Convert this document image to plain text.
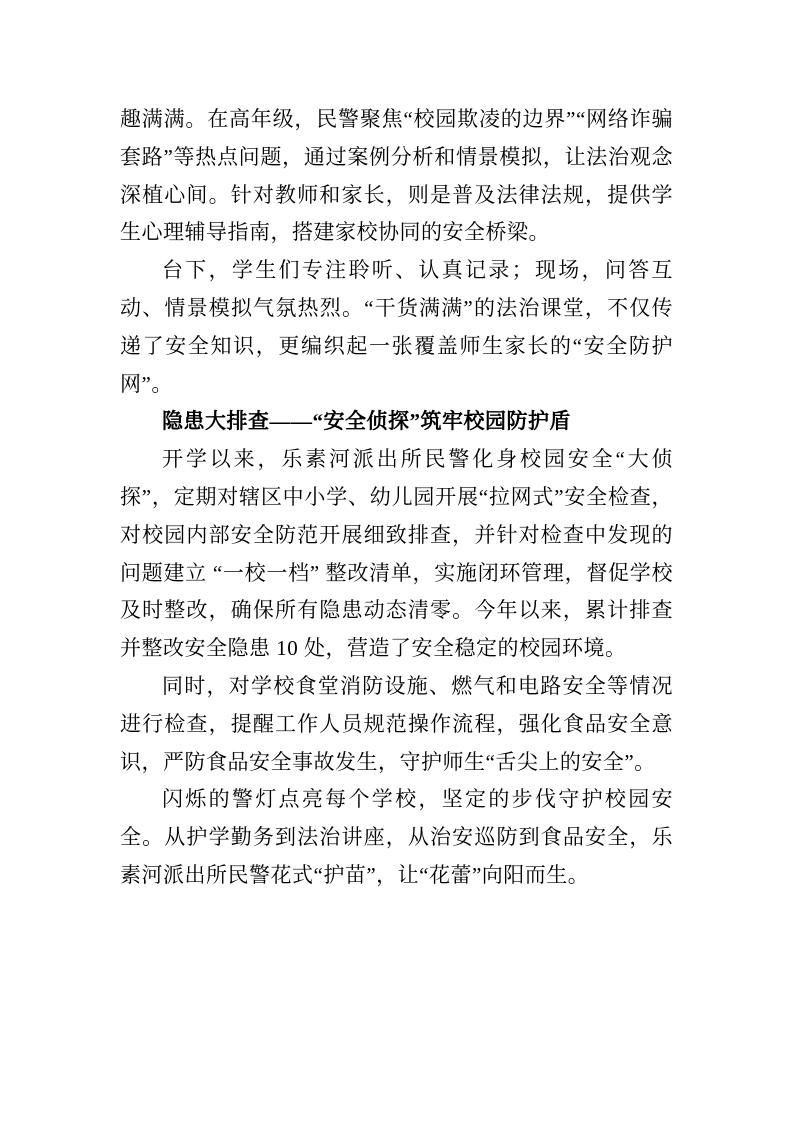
趣满满。在高年级，民警聚焦“校园欺凌的边界”“网络诈骗套路”等热点问题，通过案例分析和情景模拟，让法治观念深植心间。针对教师和家长，则是普及法律法规，提供学生心理辅导指南，搭建家校协同的安全桥梁。

台下，学生们专注聆听、认真记录；现场，问答互动、情景模拟气氛热烈。“干货满满”的法治课堂，不仅传递了安全知识，更编织起一张覆盖师生家长的“安全防护网”。

隐患大排查——“安全侦探”筑牢校园防护盾

开学以来，乐素河派出所民警化身校园安全“大侦探”，定期对辖区中小学、幼儿园开展“拉网式”安全检查，对校园内部安全防范开展细致排查，并针对检查中发现的问题建立 “一校一档” 整改清单，实施闭环管理，督促学校及时整改，确保所有隐患动态清零。今年以来，累计排查并整改安全隐患 10 处，营造了安全稳定的校园环境。

同时，对学校食堂消防设施、燃气和电路安全等情况进行检查，提醒工作人员规范操作流程，强化食品安全意识，严防食品安全事故发生，守护师生“舌尖上的安全”。

闪烁的警灯点亮每个学校，坚定的步伐守护校园安全。从护学勤务到法治讲座，从治安巡防到食品安全，乐素河派出所民警花式“护苗”，让“花蕾”向阳而生。
